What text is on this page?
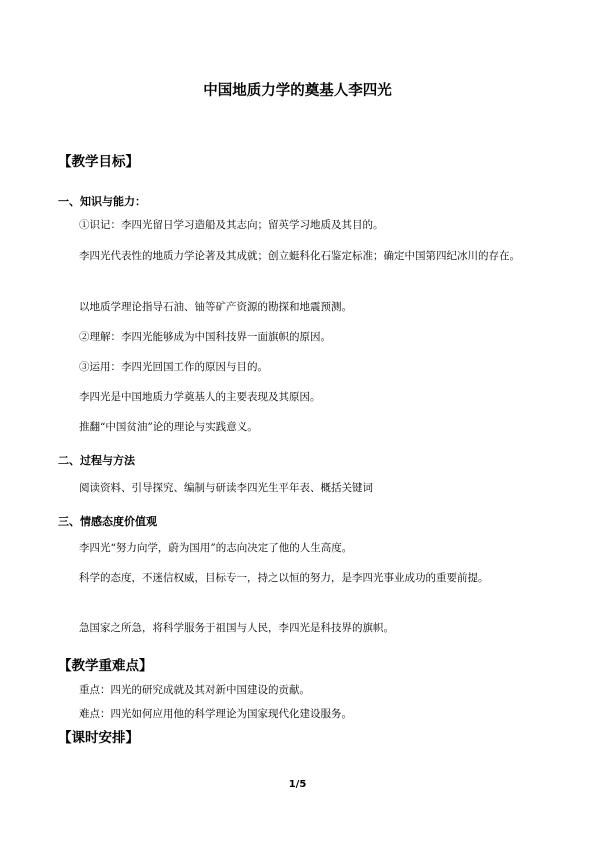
中国地质力学的奠基人李四光
【教学目标】
一、知识与能力：
①识记：李四光留日学习造船及其志向；留英学习地质及其目的。
李四光代表性的地质力学论著及其成就；创立蜓科化石鉴定标准；确定中国第四纪冰川的存在。
以地质学理论指导石油、铀等矿产资源的勘探和地震预测。
②理解：李四光能够成为中国科技界一面旗帜的原因。
③运用：李四光回国工作的原因与目的。
李四光是中国地质力学奠基人的主要表现及其原因。
推翻“中国贫油”论的理论与实践意义。
二、过程与方法
阅读资料、引导探究、编制与研读李四光生平年表、概括关键词
三、情感态度价值观
李四光“努力向学，蔚为国用”的志向决定了他的人生高度。
科学的态度，不迷信权威，目标专一，持之以恒的努力，是李四光事业成功的重要前提。
急国家之所急，将科学服务于祖国与人民，李四光是科技界的旗帜。
【教学重难点】
重点：四光的研究成就及其对新中国建设的贡献。
难点：四光如何应用他的科学理论为国家现代化建设服务。
【课时安排】
1/5
